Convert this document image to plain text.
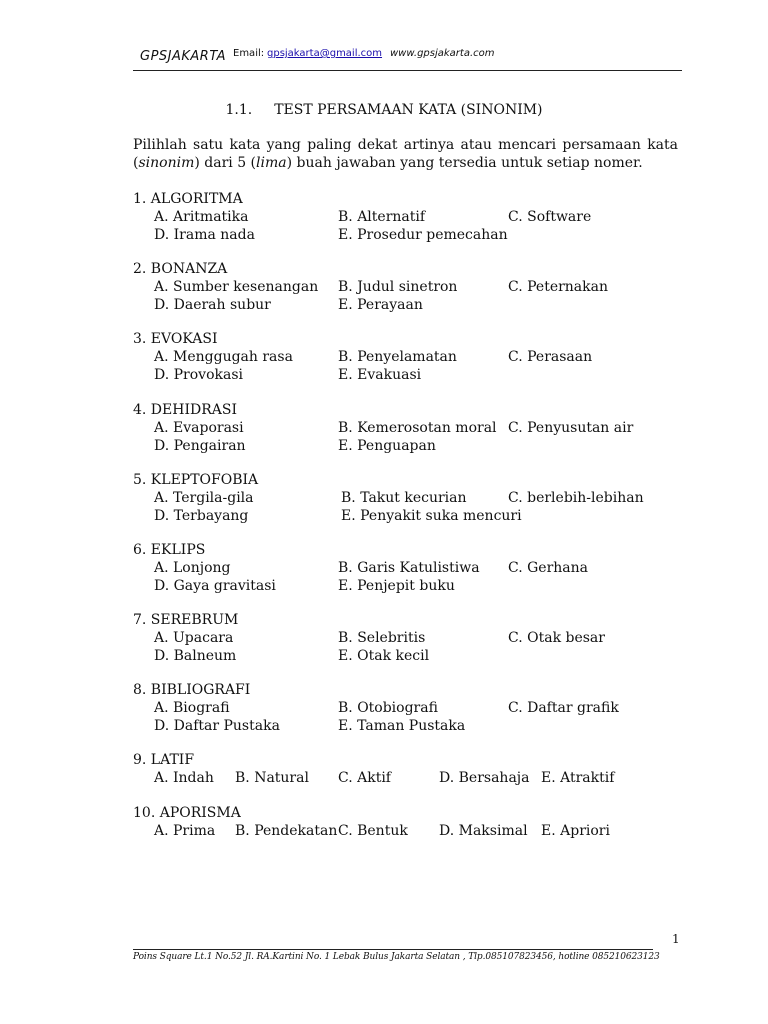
GPSJAKARTA Email: gpsjakarta@gmail.com www.gpsjakarta.com
1.1. TEST PERSAMAAN KATA (SINONIM)
Pilihlah satu kata yang paling dekat artinya atau mencari persamaan kata (sinonim) dari 5 (lima) buah jawaban yang tersedia untuk setiap nomer.
1. ALGORITMA
A. Aritmatika	B. Alternatif	C. Software
D. Irama nada	E. Prosedur pemecahan
2. BONANZA
A. Sumber kesenangan B. Judul sinetron	C. Peternakan
D. Daerah subur	E. Perayaan
3. EVOKASI
A. Menggugah rasa	B. Penyelamatan	C. Perasaan
D. Provokasi	E. Evakuasi
4. DEHIDRASI
A. Evaporasi	B. Kemerosotan moral C. Penyusutan air
D. Pengairan	E. Penguapan
5. KLEPTOFOBIA
A. Tergila-gila	B. Takut kecurian	C. berlebih-lebihan
D. Terbayang	E. Penyakit suka mencuri
6. EKLIPS
A. Lonjong	B. Garis Katulistiwa C. Gerhana
D. Gaya gravitasi	E. Penjepit buku
7. SEREBRUM
A. Upacara	B. Selebritis	C. Otak besar
D. Balneum	E. Otak kecil
8. BIBLIOGRAFI
A. Biografi	B. Otobiografi	C. Daftar grafik
D. Daftar Pustaka	E. Taman Pustaka
9. LATIF
A. Indah B. Natural C. Aktif	D. Bersahaja E. Atraktif
10. APORISMA
A. Prima B. Pendekatan C. Bentuk D. Maksimal E. Apriori
1
Poins Square Lt.1 No.52 Jl. RA.Kartini No. 1 Lebak Bulus Jakarta Selatan , Tlp.085107823456, hotline 085210623123
